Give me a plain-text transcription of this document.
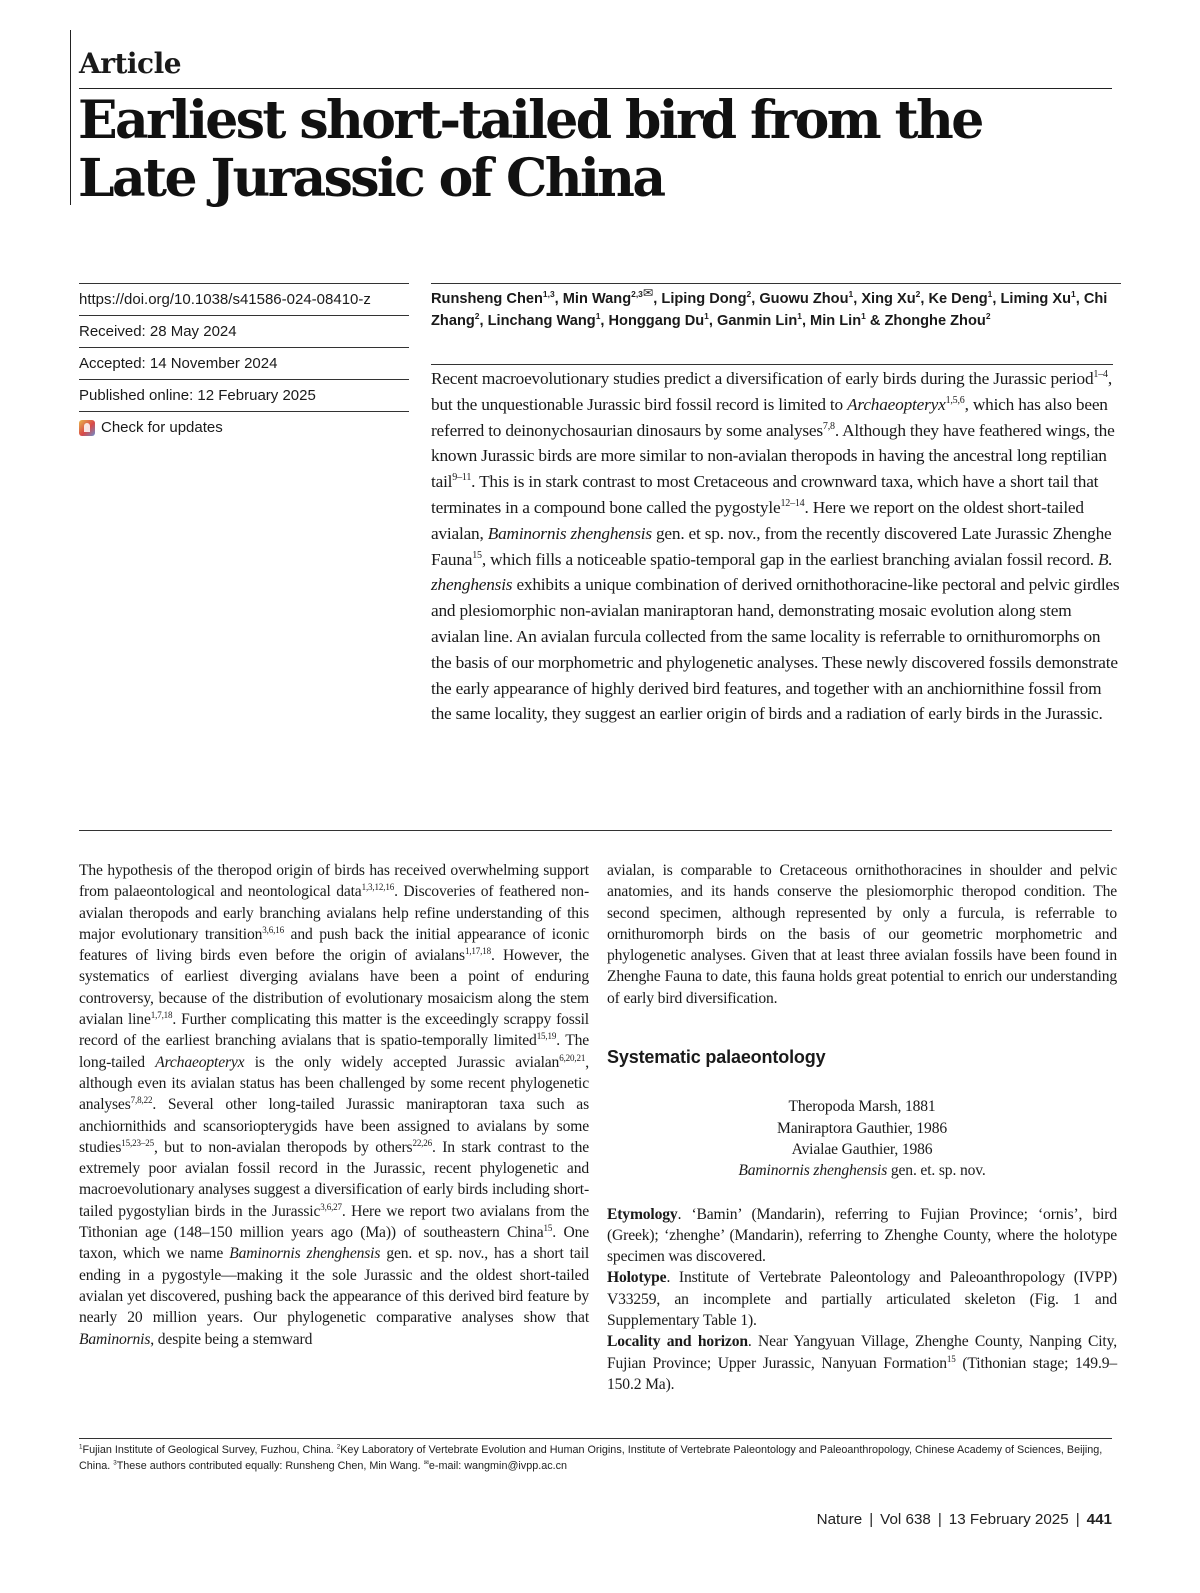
Article
Earliest short-tailed bird from the Late Jurassic of China
https://doi.org/10.1038/s41586-024-08410-z
Received: 28 May 2024
Accepted: 14 November 2024
Published online: 12 February 2025
Check for updates
Runsheng Chen$^{1,3}$, Min Wang$^{2,3✉}$, Liping Dong$^2$, Guowu Zhou$^1$, Xing Xu$^2$, Ke Deng$^1$, Liming Xu$^1$, Chi Zhang$^2$, Linchang Wang$^1$, Honggang Du$^1$, Ganmin Lin$^1$, Min Lin$^1$ & Zhonghe Zhou$^2$

Recent macroevolutionary studies predict a diversification of early birds during the Jurassic period$^{1-4}$, but the unquestionable Jurassic bird fossil record is limited to Archaeopteryx$^{1,5,6}$, which has also been referred to deinonychosaurian dinosaurs by some analyses$^{7,8}$. Although they have feathered wings, the known Jurassic birds are more similar to non-avialan theropods in having the ancestral long reptilian tail$^{9-11}$. This is in stark contrast to most Cretaceous and crownward taxa, which have a short tail that terminates in a compound bone called the pygostyle$^{12-14}$. Here we report on the oldest short-tailed avialan, Baminornis zhenghensis gen. et sp. nov., from the recently discovered Late Jurassic Zhenghe Fauna$^{15}$, which fills a noticeable spatio-temporal gap in the earliest branching avialan fossil record. B. zhenghensis exhibits a unique combination of derived ornithothoracine-like pectoral and pelvic girdles and plesiomorphic non-avialan maniraptoran hand, demonstrating mosaic evolution along stem avialan line. An avialan furcula collected from the same locality is referrable to ornithuromorphs on the basis of our morphometric and phylogenetic analyses. These newly discovered fossils demonstrate the early appearance of highly derived bird features, and together with an anchiornithine fossil from the same locality, they suggest an earlier origin of birds and a radiation of early birds in the Jurassic.

The hypothesis of the theropod origin of birds has received overwhelming support from palaeontological and neontological data$^{1,3,12,16}$. Discoveries of feathered non-avialan theropods and early branching avialans help refine understanding of this major evolutionary transition$^{3,6,16}$ and push back the initial appearance of iconic features of living birds even before the origin of avialans$^{1,17,18}$. However, the systematics of earliest diverging avialans have been a point of enduring controversy, because of the distribution of evolutionary mosaicism along the stem avialan line$^{1,7,18}$. Further complicating this matter is the exceedingly scrappy fossil record of the earliest branching avialans that is spatio-temporally limited$^{15,19}$. The long-tailed Archaeopteryx is the only widely accepted Jurassic avialan$^{6,20,21}$, although even its avialan status has been challenged by some recent phylogenetic analyses$^{7,8,22}$. Several other long-tailed Jurassic maniraptoran taxa such as anchiornithids and scansoriopterygids have been assigned to avialans by some studies$^{15,23-25}$, but to non-avialan theropods by others$^{22,26}$. In stark contrast to the extremely poor avialan fossil record in the Jurassic, recent phylogenetic and macroevolutionary analyses suggest a diversification of early birds including short-tailed pygostylian birds in the Jurassic$^{3,6,27}$. Here we report two avialans from the Tithonian age (148–150 million years ago (Ma)) of southeastern China$^{15}$. One taxon, which we name Baminornis zhenghensis gen. et sp. nov., has a short tail ending in a pygostyle—making it the sole Jurassic and the oldest short-tailed avialan yet discovered, pushing back the appearance of this derived bird feature by nearly 20 million years. Our phylogenetic comparative analyses show that Baminornis, despite being a stemward

avialan, is comparable to Cretaceous ornithothoracines in shoulder and pelvic anatomies, and its hands conserve the plesiomorphic theropod condition. The second specimen, although represented by only a furcula, is referrable to ornithuromorph birds on the basis of our geometric morphometric and phylogenetic analyses. Given that at least three avialan fossils have been found in Zhenghe Fauna to date, this fauna holds great potential to enrich our understanding of early bird diversification.

Systematic palaeontology
Theropoda Marsh, 1881
Maniraptora Gauthier, 1986
Avialae Gauthier, 1986
Baminornis zhenghensis gen. et. sp. nov.

Etymology. ‘Bamin’ (Mandarin), referring to Fujian Province; ‘ornis’, bird (Greek); ‘zhenghe’ (Mandarin), referring to Zhenghe County, where the holotype specimen was discovered.

Holotype. Institute of Vertebrate Paleontology and Paleoanthropology (IVPP) V33259, an incomplete and partially articulated skeleton (Fig. 1 and Supplementary Table 1).

Locality and horizon. Near Yangyuan Village, Zhenghe County, Nanping City, Fujian Province; Upper Jurassic, Nanyuan Formation$^{15}$ (Tithonian stage; 149.9–150.2 Ma).

$^1$Fujian Institute of Geological Survey, Fuzhou, China. $^2$Key Laboratory of Vertebrate Evolution and Human Origins, Institute of Vertebrate Paleontology and Paleoanthropology, Chinese Academy of Sciences, Beijing, China. $^3$These authors contributed equally: Runsheng Chen, Min Wang. ✉e-mail: wangmin@ivpp.ac.cn
Nature | Vol 638 | 13 February 2025 | 441
